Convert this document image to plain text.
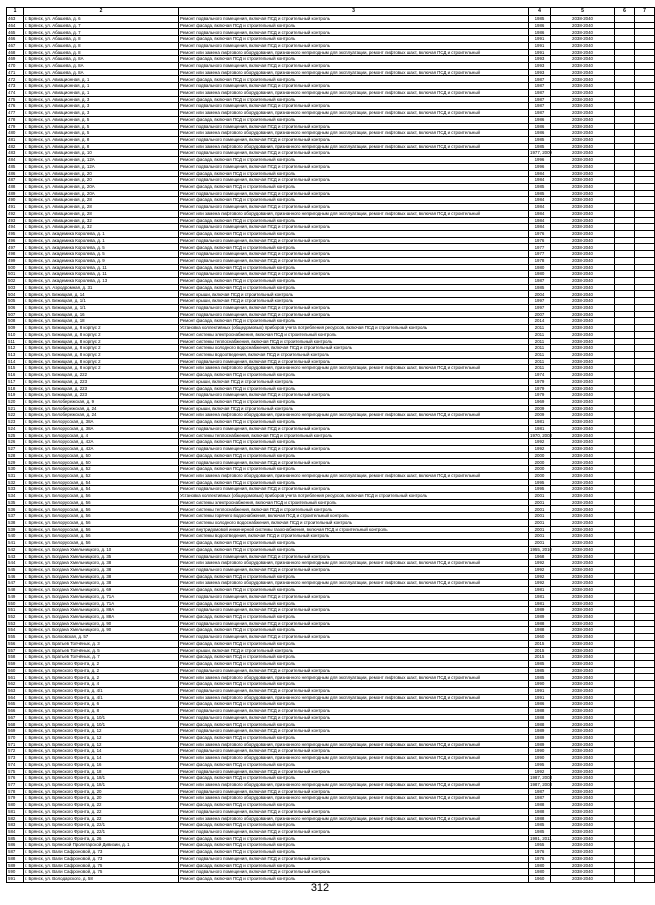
1	2	3	4	5	6	7
463	г. Брянск, ул. Абашева, д. 6	Ремонт подвального помещения, включая ПСД и строительный контроль	1985	2038-2040		
464	г. Брянск, ул. Абашева, д. 7	Ремонт фасада, включая ПСД и строительный контроль	1986	2038-2040		
465	г. Брянск, ул. Абашева, д. 7	Ремонт подвального помещения, включая ПСД и строительный контроль	1986	2038-2040		
466	г. Брянск, ул. Абашева, д. 8	Ремонт фасада, включая ПСД и строительный контроль	1991	2038-2040		
467	г. Брянск, ул. Абашева, д. 8	Ремонт подвального помещения, включая ПСД и строительный контроль	1991	2038-2040		
468	г. Брянск, ул. Абашева, д. 8	Ремонт или замена лифтового оборудования, признанного непригодным для эксплуатации, ремонт лифтовых шахт, включая ПСД и строительный	1991	2038-2040		
469	г. Брянск, ул. Абашева, д. 8А	Ремонт фасада, включая ПСД и строительный контроль	1993	2038-2040		
470	г. Брянск, ул. Абашева, д. 8А	Ремонт подвального помещения, включая ПСД и строительный контроль	1993	2038-2040		
471	г. Брянск, ул. Абашева, д. 8А	Ремонт или замена лифтового оборудования, признанного непригодным для эксплуатации, ремонт лифтовых шахт, включая ПСД и строительный	1993	2038-2040		
472	г. Брянск, ул. Авиационная, д. 1	Ремонт фасада, включая ПСД и строительный контроль	1987	2038-2040		
473	г. Брянск, ул. Авиационная, д. 1	Ремонт подвального помещения, включая ПСД и строительный контроль	1987	2038-2040		
474	г. Брянск, ул. Авиационная, д. 1	Ремонт или замена лифтового оборудования, признанного непригодным для эксплуатации, ремонт лифтовых шахт, включая ПСД и строительный	1987	2038-2040		
475	г. Брянск, ул. Авиационная, д. 3	Ремонт фасада, включая ПСД и строительный контроль	1987	2038-2040		
476	г. Брянск, ул. Авиационная, д. 3	Ремонт подвального помещения, включая ПСД и строительный контроль	1987	2038-2040		
477	г. Брянск, ул. Авиационная, д. 3	Ремонт или замена лифтового оборудования, признанного непригодным для эксплуатации, ремонт лифтовых шахт, включая ПСД и строительный	1987	2038-2040		
478	г. Брянск, ул. Авиационная, д. 5	Ремонт фасада, включая ПСД и строительный контроль	1986	2038-2040		
479	г. Брянск, ул. Авиационная, д. 5	Ремонт подвального помещения, включая ПСД и строительный контроль	1986	2038-2040		
480	г. Брянск, ул. Авиационная, д. 5	Ремонт или замена лифтового оборудования, признанного непригодным для эксплуатации, ремонт лифтовых шахт, включая ПСД и строительный	1986	2038-2040		
481	г. Брянск, ул. Авиационная, д. 8	Ремонт подвального помещения, включая ПСД и строительный контроль	1985	2038-2040		
482	г. Брянск, ул. Авиационная, д. 8	Ремонт или замена лифтового оборудования, признанного непригодным для эксплуатации, ремонт лифтовых шахт, включая ПСД и строительный	1985	2038-2040		
483	г. Брянск, ул. Авиационная, д. 10	Ремонт подвального помещения, включая ПСД и строительный контроль	1977, 2009	2038-2040		
484	г. Брянск, ул. Авиационная, д. 12А	Ремонт фасада, включая ПСД и строительный контроль	1996	2038-2040		
485	г. Брянск, ул. Авиационная, д. 12А	Ремонт подвального помещения, включая ПСД и строительный контроль	1996	2038-2040		
486	г. Брянск, ул. Авиационная, д. 20	Ремонт фасада, включая ПСД и строительный контроль	1984	2038-2040		
487	г. Брянск, ул. Авиационная, д. 20	Ремонт подвального помещения, включая ПСД и строительный контроль	1984	2038-2040		
488	г. Брянск, ул. Авиационная, д. 20А	Ремонт фасада, включая ПСД и строительный контроль	1985	2038-2040		
489	г. Брянск, ул. Авиационная, д. 20А	Ремонт подвального помещения, включая ПСД и строительный контроль	1985	2038-2040		
490	г. Брянск, ул. Авиационная, д. 28	Ремонт фасада, включая ПСД и строительный контроль	1984	2038-2040		
491	г. Брянск, ул. Авиационная, д. 28	Ремонт подвального помещения, включая ПСД и строительный контроль	1984	2038-2040		
492	г. Брянск, ул. Авиационная, д. 28	Ремонт или замена лифтового оборудования, признанного непригодным для эксплуатации, ремонт лифтовых шахт, включая ПСД и строительный	1984	2038-2040		
493	г. Брянск, ул. Авиационная, д. 32	Ремонт фасада, включая ПСД и строительный контроль	1984	2038-2040		
494	г. Брянск, ул. Авиационная, д. 32	Ремонт подвального помещения, включая ПСД и строительный контроль	1984	2038-2040		
495	г. Брянск, ул. академика Королева, д. 1	Ремонт фасада, включая ПСД и строительный контроль	1976	2038-2040		
496	г. Брянск, ул. академика Королева, д. 1	Ремонт подвального помещения, включая ПСД и строительный контроль	1976	2038-2040		
497	г. Брянск, ул. академика Королева, д. 5	Ремонт фасада, включая ПСД и строительный контроль	1977	2038-2040		
498	г. Брянск, ул. академика Королева, д. 5	Ремонт подвального помещения, включая ПСД и строительный контроль	1977	2038-2040		
499	г. Брянск, ул. академика Королева, д. 9	Ремонт подвального помещения, включая ПСД и строительный контроль	1978	2038-2040		
500	г. Брянск, ул. академика Королева, д. 11	Ремонт фасада, включая ПСД и строительный контроль	1980	2038-2040		
501	г. Брянск, ул. академика Королева, д. 11	Ремонт подвального помещения, включая ПСД и строительный контроль	1980	2038-2040		
502	г. Брянск, ул. академика Королева, д. 13	Ремонт фасада, включая ПСД и строительный контроль	1987	2038-2040		
503	г. Брянск, ул. Аэродромная, д. 31	Ремонт фасада, включая ПСД и строительный контроль	1985	2038-2040		
504	г. Брянск, ул. Бежицкая, д. 14	Ремонт крыши, включая ПСД и строительный контроль	2004	2038-2040		
505	г. Брянск, ул. Бежицкая, д. 1/1	Ремонт крыши, включая ПСД и строительный контроль	1997	2038-2040		
506	г. Брянск, ул. Бежицкая, д. 1/1	Ремонт подвального помещения, включая ПСД и строительный контроль	1997	2038-2040		
507	г. Брянск, ул. Бежицкая, д. 16	Ремонт подвального помещения, включая ПСД и строительный контроль	2007	2038-2040		
508	г. Брянск, ул. Бежицкая, д. 18	Ремонт фасада, включая ПСД и строительный контроль	2014	2038-2040		
509	г. Брянск, ул. Бежицкая, д. 8 корпус 2	Установка коллективных (общедомовых) приборов учета потребления ресурсов, включая ПСД и строительный контроль	2011	2038-2040		
510	г. Брянск, ул. Бежицкая, д. 8 корпус 2	Ремонт системы электроснабжения, включая ПСД и строительный контроль	2011	2038-2040		
511	г. Брянск, ул. Бежицкая, д. 8 корпус 2	Ремонт системы теплоснабжения, включая ПСД и строительный контроль	2011	2038-2040		
512	г. Брянск, ул. Бежицкая, д. 8 корпус 2	Ремонт системы холодного водоснабжения, включая ПСД и строительный контроль	2011	2038-2040		
513	г. Брянск, ул. Бежицкая, д. 8 корпус 2	Ремонт системы водоотведения, включая ПСД и строительный контроль	2011	2038-2040		
514	г. Брянск, ул. Бежицкая, д. 8 корпус 2	Ремонт подвального помещения, включая ПСД и строительный контроль	2011	2038-2040		
515	г. Брянск, ул. Бежицкая, д. 8 корпус 2	Ремонт или замена лифтового оборудования, признанного непригодным для эксплуатации, ремонт лифтовых шахт, включая ПСД и строительный	2011	2038-2040		
516	г. Брянск, ул. Бежицкая, д. 222	Ремонт фасада, включая ПСД и строительный контроль	1974	2038-2040		
517	г. Брянск, ул. Бежицкая, д. 223	Ремонт крыши, включая ПСД и строительный контроль	1979	2038-2040		
518	г. Брянск, ул. Бежицкая, д. 223	Ремонт фасада, включая ПСД и строительный контроль	1979	2038-2040		
519	г. Брянск, ул. Бежицкая, д. 223	Ремонт подвального помещения, включая ПСД и строительный контроль	1979	2038-2040		
520	г. Брянск, ул. Белобережская, д. 9	Ремонт фасада, включая ПСД и строительный контроль	1969	2038-2040		
521	г. Брянск, ул. Белобережская, д. 24	Ремонт крыши, включая ПСД и строительный контроль	2009	2038-2040		
522	г. Брянск, ул. Белобережская, д. 24	Ремонт или замена лифтового оборудования, признанного непригодным для эксплуатации, ремонт лифтовых шахт, включая ПСД и строительный	2009	2038-2040		
523	г. Брянск, ул. Белорусская, д. 38А	Ремонт фасада, включая ПСД и строительный контроль	1981	2038-2040		
524	г. Брянск, ул. Белорусская, д. 38А	Ремонт подвального помещения, включая ПСД и строительный контроль	1981	2038-2040		
525	г. Брянск, ул. Белорусская, д. 4	Ремонт системы теплоснабжения, включая ПСД и строительный контроль	1970, 2003	2038-2040		
526	г. Брянск, ул. Белорусская, д. 42А	Ремонт фасада, включая ПСД и строительный контроль	1992	2038-2040		
527	г. Брянск, ул. Белорусская, д. 42А	Ремонт подвального помещения, включая ПСД и строительный контроль	1992	2038-2040		
528	г. Брянск, ул. Белорусская, д. 50	Ремонт фасада, включая ПСД и строительный контроль	2000	2038-2040		
529	г. Брянск, ул. Белорусская, д. 50	Ремонт подвального помещения, включая ПСД и строительный контроль	2000	2038-2040		
530	г. Брянск, ул. Белорусская, д. 52	Ремонт фасада, включая ПСД и строительный контроль	2000	2038-2040		
531	г. Брянск, ул. Белорусская, д. 52	Ремонт или замена лифтового оборудования, признанного непригодным для эксплуатации, ремонт лифтовых шахт, включая ПСД и строительный	2000	2038-2040		
532	г. Брянск, ул. Белорусская, д. 54	Ремонт фасада, включая ПСД и строительный контроль	1995	2038-2040		
533	г. Брянск, ул. Белорусская, д. 54	Ремонт подвального помещения, включая ПСД и строительный контроль	1995	2038-2040		
534	г. Брянск, ул. Белорусская, д. 56	Установка коллективных (общедомовых) приборов учета потребления ресурсов, включая ПСД и строительный контроль	2001	2038-2040		
535	г. Брянск, ул. Белорусская, д. 56	Ремонт системы электроснабжения, включая ПСД и строительный контроль	2001	2038-2040		
536	г. Брянск, ул. Белорусская, д. 56	Ремонт системы теплоснабжения, включая ПСД и строительный контроль	2001	2038-2040		
537	г. Брянск, ул. Белорусская, д. 56	Ремонт системы горячего водоснабжения, включая ПСД и строительный контроль	2001	2038-2040		
538	г. Брянск, ул. Белорусская, д. 56	Ремонт системы холодного водоснабжения, включая ПСД и строительный контроль	2001	2038-2040		
539	г. Брянск, ул. Белорусская, д. 56	Ремонт внутридомовой инженерной системы газоснабжения, включая ПСД и строительный контроль	2001	2038-2040		
540	г. Брянск, ул. Белорусская, д. 56	Ремонт системы водоотведения, включая ПСД и строительный контроль	2001	2038-2040		
541	г. Брянск, ул. Белорусская, д. 56	Ремонт фасада, включая ПСД и строительный контроль	2001	2038-2040		
542	г. Брянск, ул. Богдана Хмельницкого, д. 10	Ремонт фасада, включая ПСД и строительный контроль	1955, 2010	2038-2040		
543	г. Брянск, ул. Богдана Хмельницкого, д. 35	Ремонт подвального помещения, включая ПСД и строительный контроль	1968	2038-2040		
544	г. Брянск, ул. Богдана Хмельницкого, д. 38	Ремонт или замена лифтового оборудования, признанного непригодным для эксплуатации, ремонт лифтовых шахт, включая ПСД и строительный	1992	2038-2040		
545	г. Брянск, ул. Богдана Хмельницкого, д. 38	Ремонт подвального помещения, включая ПСД и строительный контроль	1992	2038-2040		
546	г. Брянск, ул. Богдана Хмельницкого, д. 38	Ремонт фасада, включая ПСД и строительный контроль	1992	2038-2040		
547	г. Брянск, ул. Богдана Хмельницкого, д. 38	Ремонт или замена лифтового оборудования, признанного непригодным для эксплуатации, ремонт лифтовых шахт, включая ПСД и строительный	1992	2038-2040		
548	г. Брянск, ул. Богдана Хмельницкого, д. 69	Ремонт фасада, включая ПСД и строительный контроль	1981	2038-2040		
549	г. Брянск, ул. Богдана Хмельницкого, д. 71А	Ремонт подвального помещения, включая ПСД и строительный контроль	1981	2038-2040		
550	г. Брянск, ул. Богдана Хмельницкого, д. 71А	Ремонт фасада, включая ПСД и строительный контроль	1981	2038-2040		
551	г. Брянск, ул. Богдана Хмельницкого, д. 88А	Ремонт подвального помещения, включая ПСД и строительный контроль	1989	2038-2040		
552	г. Брянск, ул. Богдана Хмельницкого, д. 88А	Ремонт фасада, включая ПСД и строительный контроль	1989	2038-2040		
553	г. Брянск, ул. Богдана Хмельницкого, д. 90	Ремонт подвального помещения, включая ПСД и строительный контроль	1988	2038-2040		
554	г. Брянск, ул. Богдана Хмельницкого, д. 90	Ремонт фасада, включая ПСД и строительный контроль	1988	2038-2040		
555	г. Брянск, ул. Болховская, д. 57	Ремонт подвального помещения, включая ПСД и строительный контроль	1960	2038-2040		
556	г. Брянск, ул. Братьев Толчёных, д. 3	Ремонт фасада, включая ПСД и строительный контроль	2015	2038-2040		
557	г. Брянск, ул. Братьев Толчёных, д. 5	Ремонт крыши, включая ПСД и строительный контроль	2015	2038-2040		
558	г. Брянск, ул. Братьев Толчёных, д. 7	Ремонт фасада, включая ПСД и строительный контроль	2015	2038-2040		
559	г. Брянск, ул. Брянского Фронта, д. 2	Ремонт фасада, включая ПСД и строительный контроль	1985	2038-2040		
560	г. Брянск, ул. Брянского Фронта, д. 2	Ремонт подвального помещения, включая ПСД и строительный контроль	1985	2038-2040		
561	г. Брянск, ул. Брянского Фронта, д. 2	Ремонт или замена лифтового оборудования, признанного непригодным для эксплуатации, ремонт лифтовых шахт, включая ПСД и строительный	1985	2038-2040		
562	г. Брянск, ул. Брянского Фронта, д. 4	Ремонт фасада, включая ПСД и строительный контроль	1990	2038-2040		
563	г. Брянск, ул. Брянского Фронта, д. 4/1	Ремонт подвального помещения, включая ПСД и строительный контроль	1991	2038-2040		
564	г. Брянск, ул. Брянского Фронта, д. 4/1	Ремонт или замена лифтового оборудования, признанного непригодным для эксплуатации, ремонт лифтовых шахт, включая ПСД и строительный	1991	2038-2040		
565	г. Брянск, ул. Брянского Фронта, д. 6	Ремонт фасада, включая ПСД и строительный контроль	1986	2038-2040		
566	г. Брянск, ул. Брянского Фронта, д. 8	Ремонт подвального помещения, включая ПСД и строительный контроль	1988	2038-2040		
567	г. Брянск, ул. Брянского Фронта, д. 10/1	Ремонт подвального помещения, включая ПСД и строительный контроль	1988	2038-2040		
568	г. Брянск, ул. Брянского Фронта, д. 10/1	Ремонт фасада, включая ПСД и строительный контроль	1988	2038-2040		
569	г. Брянск, ул. Брянского Фронта, д. 12	Ремонт подвального помещения, включая ПСД и строительный контроль	1989	2038-2040		
570	г. Брянск, ул. Брянского Фронта, д. 12	Ремонт фасада, включая ПСД и строительный контроль	1989	2038-2040		
571	г. Брянск, ул. Брянского Фронта, д. 12	Ремонт или замена лифтового оборудования, признанного непригодным для эксплуатации, ремонт лифтовых шахт, включая ПСД и строительный	1989	2038-2040		
572	г. Брянск, ул. Брянского Фронта, д. 14	Ремонт подвального помещения, включая ПСД и строительный контроль	1990	2038-2040		
573	г. Брянск, ул. Брянского Фронта, д. 14	Ремонт или замена лифтового оборудования, признанного непригодным для эксплуатации, ремонт лифтовых шахт, включая ПСД и строительный	1990	2038-2040		
574	г. Брянск, ул. Брянского Фронта, д. 16	Ремонт фасада, включая ПСД и строительный контроль	1995	2038-2040		
575	г. Брянск, ул. Брянского Фронта, д. 18	Ремонт подвального помещения, включая ПСД и строительный контроль	1992	2038-2040		
576	г. Брянск, ул. Брянского Фронта, д. 18/1	Ремонт фасада, включая ПСД и строительный контроль	1987, 2003	2038-2040		
577	г. Брянск, ул. Брянского Фронта, д. 18/1	Ремонт или замена лифтового оборудования, признанного непригодным для эксплуатации, ремонт лифтовых шахт, включая ПСД и строительный	1987, 2003	2038-2040		
578	г. Брянск, ул. Брянского Фронта, д. 20	Ремонт подвального помещения, включая ПСД и строительный контроль	1987	2038-2040		
579	г. Брянск, ул. Брянского Фронта, д. 20	Ремонт или замена лифтового оборудования, признанного непригодным для эксплуатации, ремонт лифтовых шахт, включая ПСД и строительный	1987	2038-2040		
580	г. Брянск, ул. Брянского Фронта, д. 22	Ремонт фасада, включая ПСД и строительный контроль	1988	2038-2040		
581	г. Брянск, ул. Брянского Фронта, д. 22	Ремонт подвального помещения, включая ПСД и строительный контроль	1988	2038-2040		
582	г. Брянск, ул. Брянского Фронта, д. 22	Ремонт или замена лифтового оборудования, признанного непригодным для эксплуатации, ремонт лифтовых шахт, включая ПСД и строительный	1988	2038-2040		
583	г. Брянск, ул. Брянского Фронта, д. 22/1	Ремонт фасада, включая ПСД и строительный контроль	1985	2038-2040		
584	г. Брянск, ул. Брянского Фронта, д. 22/1	Ремонт подвального помещения, включая ПСД и строительный контроль	1985	2038-2040		
585	г. Брянск, ул. Брянского Фронта, д. 26	Ремонт фасада, включая ПСД и строительный контроль	1991, 2011	2038-2040		
586	г. Брянск, ул. Брянской Пролетарской Дивизии, д. 1	Ремонт фасада, включая ПСД и строительный контроль	1955	2038-2040		
587	г. Брянск, ул. Вали Сафроновой, д. 73	Ремонт фасада, включая ПСД и строительный контроль	1976	2038-2040		
588	г. Брянск, ул. Вали Сафроновой, д. 73	Ремонт подвального помещения, включая ПСД и строительный контроль	1976	2038-2040		
589	г. Брянск, ул. Вали Сафроновой, д. 75	Ремонт фасада, включая ПСД и строительный контроль	1980	2038-2040		
590	г. Брянск, ул. Вали Сафроновой, д. 75	Ремонт подвального помещения, включая ПСД и строительный контроль	1980	2038-2040		
591	г. Брянск, ул. Володарского, д. 58	Ремонт фасада, включая ПСД и строительный контроль	1960	2038-2040		
312
